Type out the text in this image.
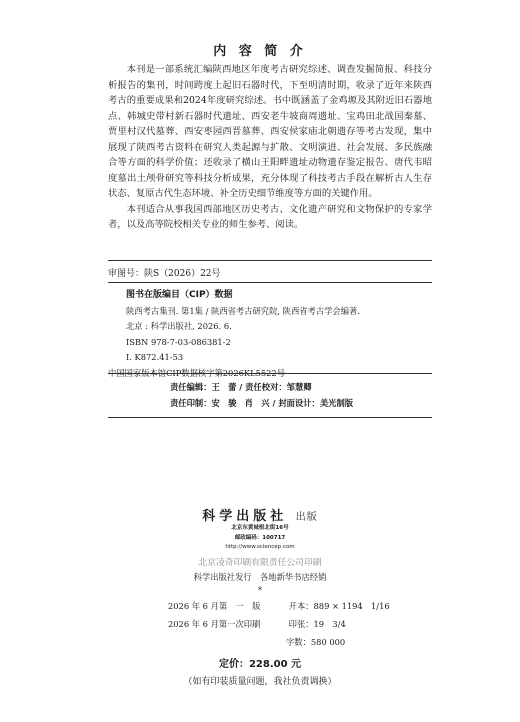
内 容 简 介

本刊是一部系统汇编陕西地区年度考古研究综述、调查发掘简报、科技分析报告的集刊，时间跨度上起旧石器时代，下至明清时期，收录了近年来陕西考古的重要成果和2024年度研究综述。书中既涵盖了金鸡塬及其附近旧石器地点、韩城史带村新石器时代遗址、西安老牛坡商周遗址、宝鸡田北战国秦墓、贾里村汉代墓葬、西安枣园西晋墓葬、西安侯家庙北朝遗存等考古发现，集中展现了陕西考古资料在研究人类起源与扩散、文明演进、社会发展、多民族融合等方面的科学价值；还收录了横山王阳畔遗址动物遗存鉴定报告、唐代韦昭度墓出土颅骨研究等科技分析成果，充分体现了科技考古手段在解析古人生存状态、复原古代生态环境、补全历史细节维度等方面的关键作用。

本刊适合从事我国西部地区历史考古、文化遗产研究和文物保护的专家学者，以及高等院校相关专业的师生参考、阅读。

审图号：陕S（2026）22号
图书在版编目（CIP）数据
陕西考古集刊. 第1集 / 陕西省考古研究院, 陕西省考古学会编著.
北京 : 科学出版社, 2026. 6.
ISBN 978-7-03-086381-2
Ⅰ. K872.41-53
中国国家版本馆CIP数据核字第2026KL5522号
责任编辑：王　蕾 / 责任校对：邹慧卿
责任印制：安　骏　肖　兴 / 封面设计：美光制版
科学出版社 出版
北京东黄城根北街16号
邮政编码：100717
http://www.sciencep.com
北京凌奇印刷有限责任公司印刷
科学出版社发行　各地新华书店经销
*
2026 年 6 月第　一　版	开本：889 × 1194　1/16
2026 年 6 月第一次印刷	印张：19　3/4
字数：580 000
定价：228.00 元
（如有印装质量问题，我社负责调换）
